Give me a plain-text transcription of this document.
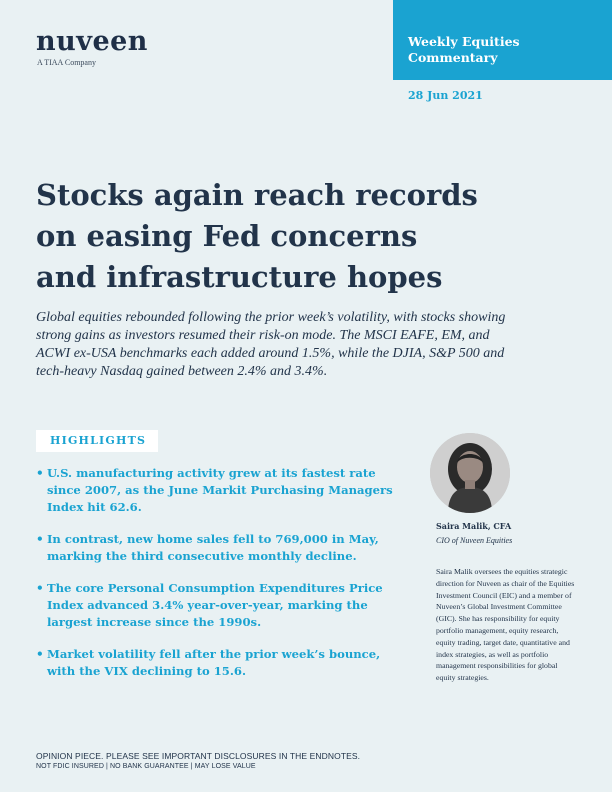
nuveen
A TIAA Company
Weekly Equities
Commentary
28 Jun 2021
Stocks again reach records
on easing Fed concerns
and infrastructure hopes

Global equities rebounded following the prior week’s volatility, with stocks showing strong gains as investors resumed their risk-on mode. The MSCI EAFE, EM, and ACWI ex-USA benchmarks each added around 1.5%, while the DJIA, S&P 500 and tech-heavy Nasdaq gained between 2.4% and 3.4%.

HIGHLIGHTS
• U.S. manufacturing activity grew at its fastest rate since 2007, as the June Markit Purchasing Managers Index hit 62.6.
• In contrast, new home sales fell to 769,000 in May, marking the third consecutive monthly decline.
• The core Personal Consumption Expenditures Price Index advanced 3.4% year-over-year, marking the largest increase since the 1990s.
• Market volatility fell after the prior week’s bounce, with the VIX declining to 15.6.
Saira Malik, CFA
CIO of Nuveen Equities

Saira Malik oversees the equities strategic direction for Nuveen as chair of the Equities Investment Council (EIC) and a member of Nuveen’s Global Investment Committee (GIC). She has responsibility for equity portfolio management, equity research, equity trading, target date, quantitative and index strategies, as well as portfolio management responsibilities for global equity strategies.

OPINION PIECE. PLEASE SEE IMPORTANT DISCLOSURES IN THE ENDNOTES.
NOT FDIC INSURED | NO BANK GUARANTEE | MAY LOSE VALUE
